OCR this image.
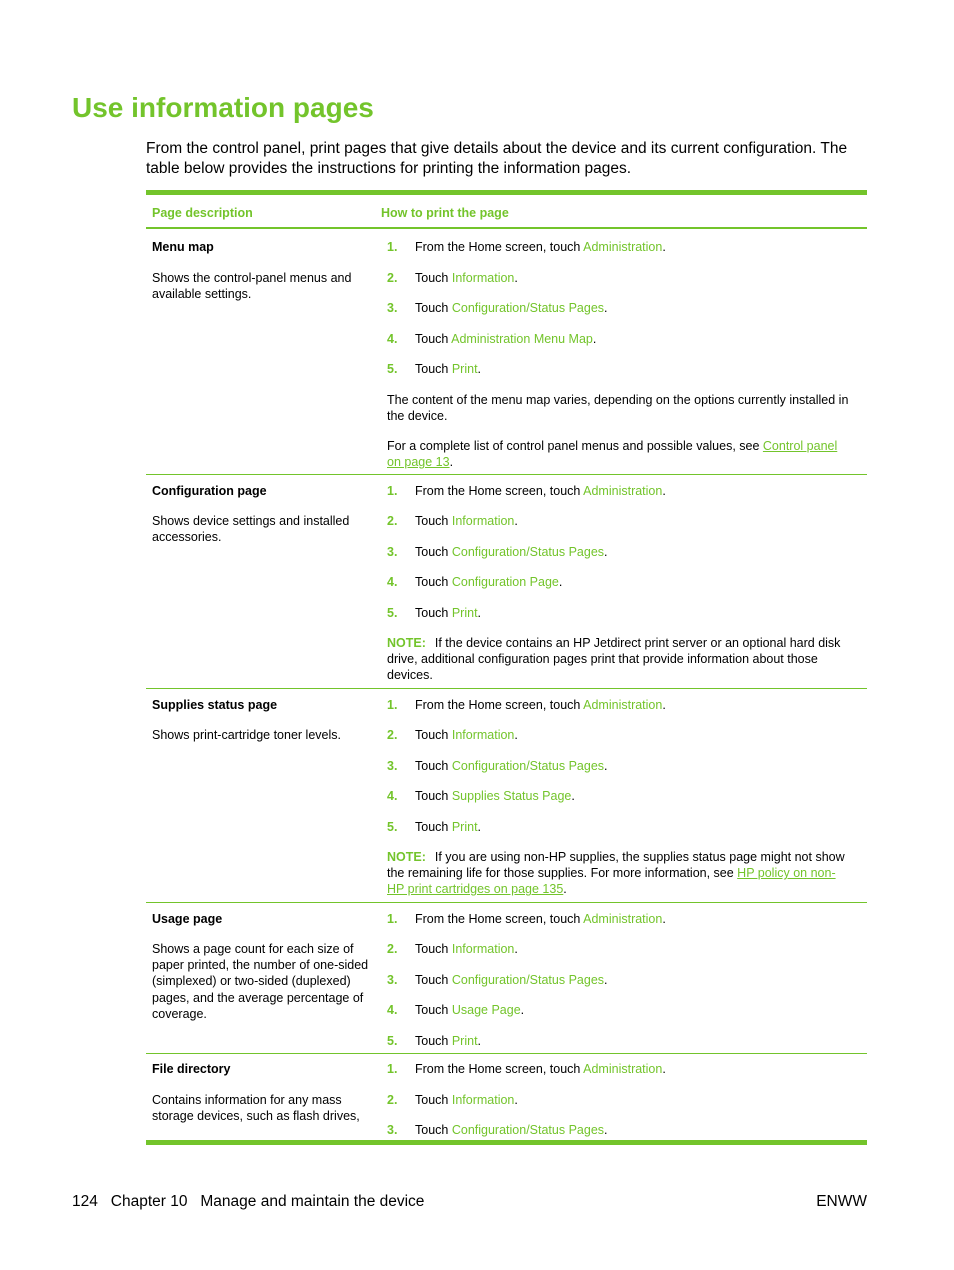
Use information pages

From the control panel, print pages that give details about the device and its current configuration. The table below provides the instructions for printing the information pages.

Page description	How to print the page
Menu map
Shows the control-panel menus and available settings.
1. From the Home screen, touch Administration.
2. Touch Information.
3. Touch Configuration/Status Pages.
4. Touch Administration Menu Map.
5. Touch Print.
The content of the menu map varies, depending on the options currently installed in the device.
For a complete list of control panel menus and possible values, see Control panel
on page 13.
Configuration page
Shows device settings and installed accessories.
1. From the Home screen, touch Administration.
2. Touch Information.
3. Touch Configuration/Status Pages.
4. Touch Configuration Page.
5. Touch Print.
NOTE: If the device contains an HP Jetdirect print server or an optional hard disk drive, additional configuration pages print that provide information about those devices.
Supplies status page
Shows print-cartridge toner levels.
1. From the Home screen, touch Administration.
2. Touch Information.
3. Touch Configuration/Status Pages.
4. Touch Supplies Status Page.
5. Touch Print.
NOTE: If you are using non-HP supplies, the supplies status page might not show
the remaining life for those supplies. For more information, see HP policy on non-
HP print cartridges on page 135.
Usage page
Shows a page count for each size of paper printed, the number of one-sided (simplexed) or two-sided (duplexed) pages, and the average percentage of coverage.
1. From the Home screen, touch Administration.
2. Touch Information.
3. Touch Configuration/Status Pages.
4. Touch Usage Page.
5. Touch Print.
File directory
Contains information for any mass storage devices, such as flash drives,
1. From the Home screen, touch Administration.
2. Touch Information.
3. Touch Configuration/Status Pages.
124   Chapter 10   Manage and maintain the device	ENWW
